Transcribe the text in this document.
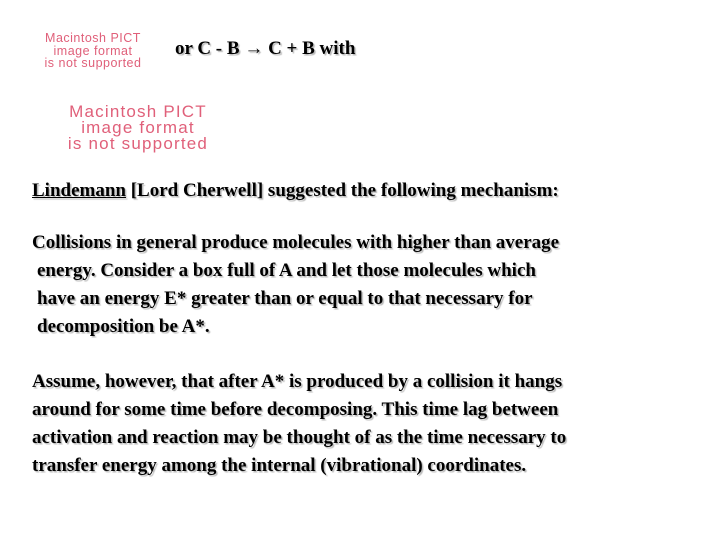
Macintosh PICT
image format
is not supported
or C - B → C + B with
Macintosh PICT
image format
is not supported

Lindemann [Lord Cherwell] suggested the following mechanism:

Collisions in general produce molecules with higher than average
energy. Consider a box full of A and let those molecules which
have an energy E* greater than or equal to that necessary for
decomposition be A*.

Assume, however, that after A* is produced by a collision it hangs
around for some time before decomposing. This time lag between
activation and reaction may be thought of as the time necessary to
transfer energy among the internal (vibrational) coordinates.
